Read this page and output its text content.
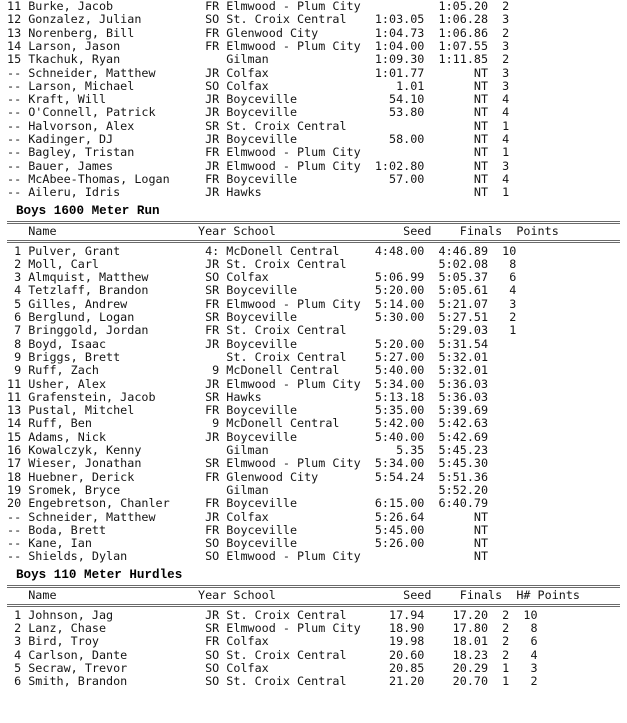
11 Burke, Jacob             FR Elmwood - Plum City           1:05.20  2
12 Gonzalez, Julian         SO St. Croix Central    1:03.05  1:06.28  3
13 Norenberg, Bill          FR Glenwood City        1:04.73  1:06.86  2
14 Larson, Jason            FR Elmwood - Plum City  1:04.00  1:07.55  3
15 Tkachuk, Ryan               Gilman               1:09.30  1:11.85  2
-- Schneider, Matthew       JR Colfax               1:01.77       NT  3
-- Larson, Michael          SO Colfax                  1.01       NT  3
-- Kraft, Will              JR Boyceville             54.10       NT  4
-- O'Connell, Patrick       JR Boyceville             53.80       NT  4
-- Halvorson, Alex          SR St. Croix Central                  NT  1
-- Kadinger, DJ             JR Boyceville             58.00       NT  4
-- Bagley, Tristan          FR Elmwood - Plum City                NT  1
-- Bauer, James             JR Elmwood - Plum City  1:02.80       NT  3
-- McAbee-Thomas, Logan     FR Boyceville             57.00       NT  4
-- Aileru, Idris            JR Hawks                              NT  1
Boys 1600 Meter Run
Name                    Year School                  Seed    Finals  Points
1 Pulver, Grant            4: McDonell Central     4:48.00  4:46.89  10
2 Moll, Carl               JR St. Croix Central             5:02.08   8
3 Almquist, Matthew        SO Colfax               5:06.99  5:05.37   6
4 Tetzlaff, Brandon        SR Boyceville           5:20.00  5:05.61   4
5 Gilles, Andrew           FR Elmwood - Plum City  5:14.00  5:21.07   3
6 Berglund, Logan          SR Boyceville           5:30.00  5:27.51   2
7 Bringgold, Jordan        FR St. Croix Central             5:29.03   1
8 Boyd, Isaac              JR Boyceville           5:20.00  5:31.54
9 Briggs, Brett               St. Croix Central    5:27.00  5:32.01
9 Ruff, Zach                9 McDonell Central     5:40.00  5:32.01
11 Usher, Alex              JR Elmwood - Plum City  5:34.00  5:36.03
11 Grafenstein, Jacob       SR Hawks                5:13.18  5:36.03
13 Pustal, Mitchel          FR Boyceville           5:35.00  5:39.69
14 Ruff, Ben                 9 McDonell Central     5:42.00  5:42.63
15 Adams, Nick              JR Boyceville           5:40.00  5:42.69
16 Kowalczyk, Kenny            Gilman                  5.35  5:45.23
17 Wieser, Jonathan         SR Elmwood - Plum City  5:34.00  5:45.30
18 Huebner, Derick          FR Glenwood City        5:54.24  5:51.36
19 Sromek, Bryce               Gilman                        5:52.20
20 Engebretson, Chanler     FR Boyceville           6:15.00  6:40.79
-- Schneider, Matthew       JR Colfax               5:26.64       NT
-- Boda, Brett              FR Boyceville           5:45.00       NT
-- Kane, Ian                SO Boyceville           5:26.00       NT
-- Shields, Dylan           SO Elmwood - Plum City                NT
Boys 110 Meter Hurdles
Name                    Year School                  Seed    Finals  H# Points
1 Johnson, Jag             JR St. Croix Central      17.94    17.20  2  10
2 Lanz, Chase              SR Elmwood - Plum City    18.90    17.80  2   8
3 Bird, Troy               FR Colfax                 19.98    18.01  2   6
4 Carlson, Dante           SO St. Croix Central      20.60    18.23  2   4
5 Secraw, Trevor           SO Colfax                 20.85    20.29  1   3
6 Smith, Brandon           SO St. Croix Central      21.20    20.70  1   2
